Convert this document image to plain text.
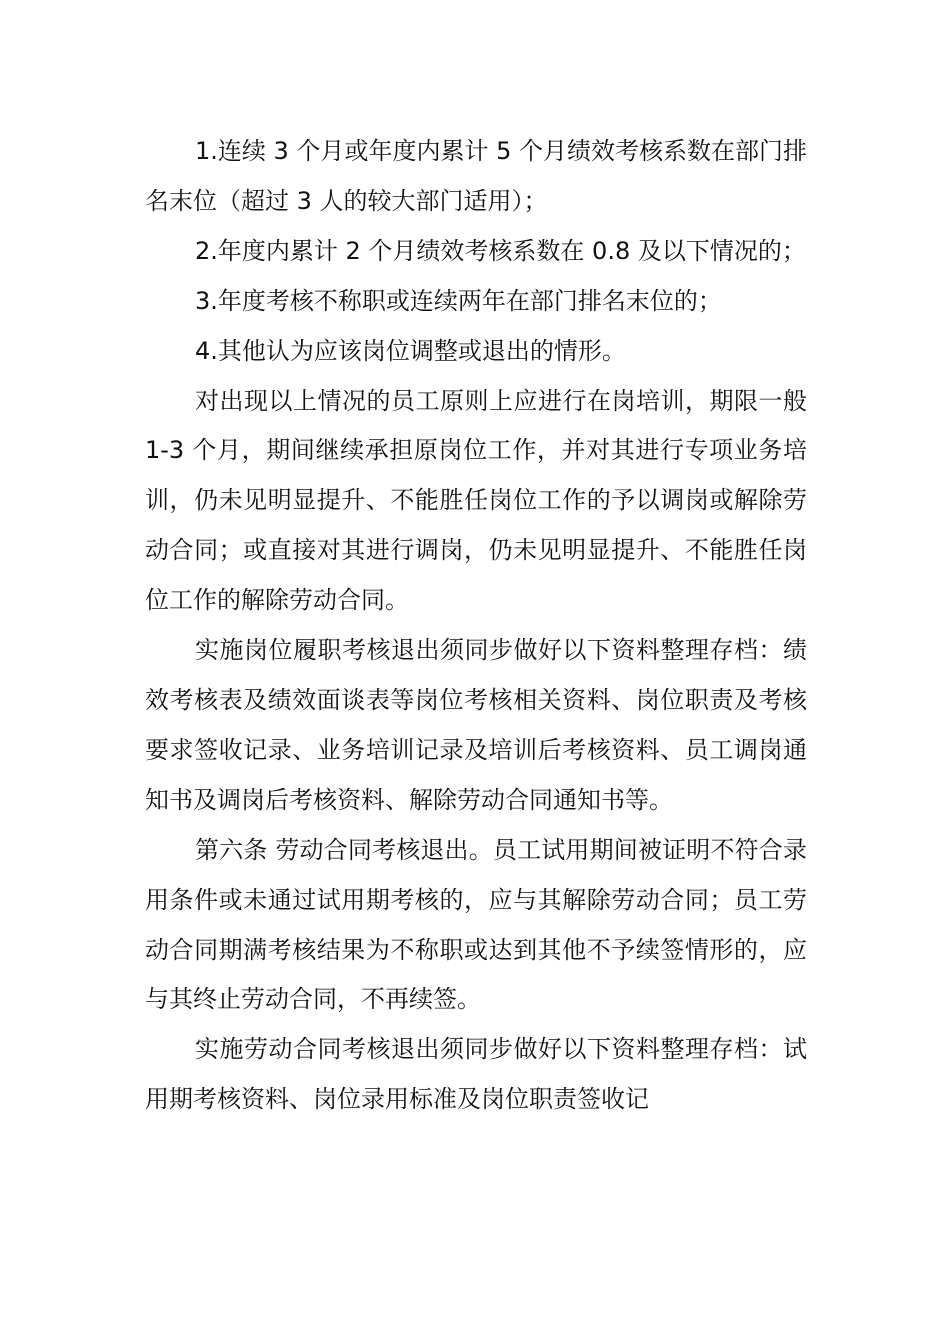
1.连续 3 个月或年度内累计 5 个月绩效考核系数在部门排名末位（超过 3 人的较大部门适用）；

2.年度内累计 2 个月绩效考核系数在 0.8 及以下情况的；

3.年度考核不称职或连续两年在部门排名末位的；

4.其他认为应该岗位调整或退出的情形。

对出现以上情况的员工原则上应进行在岗培训，期限一般 1-3 个月，期间继续承担原岗位工作，并对其进行专项业务培训，仍未见明显提升、不能胜任岗位工作的予以调岗或解除劳动合同；或直接对其进行调岗，仍未见明显提升、不能胜任岗位工作的解除劳动合同。

实施岗位履职考核退出须同步做好以下资料整理存档：绩效考核表及绩效面谈表等岗位考核相关资料、岗位职责及考核要求签收记录、业务培训记录及培训后考核资料、员工调岗通知书及调岗后考核资料、解除劳动合同通知书等。

第六条 劳动合同考核退出。员工试用期间被证明不符合录用条件或未通过试用期考核的，应与其解除劳动合同；员工劳动合同期满考核结果为不称职或达到其他不予续签情形的，应与其终止劳动合同，不再续签。

实施劳动合同考核退出须同步做好以下资料整理存档：试用期考核资料、岗位录用标准及岗位职责签收记
